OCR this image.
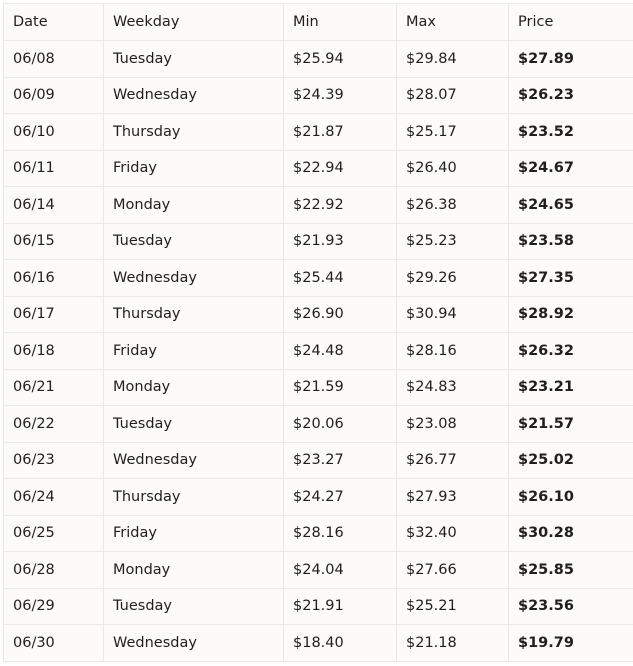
Date	Weekday	Min	Max	Price
06/08	Tuesday	$25.94	$29.84	$27.89
06/09	Wednesday	$24.39	$28.07	$26.23
06/10	Thursday	$21.87	$25.17	$23.52
06/11	Friday	$22.94	$26.40	$24.67
06/14	Monday	$22.92	$26.38	$24.65
06/15	Tuesday	$21.93	$25.23	$23.58
06/16	Wednesday	$25.44	$29.26	$27.35
06/17	Thursday	$26.90	$30.94	$28.92
06/18	Friday	$24.48	$28.16	$26.32
06/21	Monday	$21.59	$24.83	$23.21
06/22	Tuesday	$20.06	$23.08	$21.57
06/23	Wednesday	$23.27	$26.77	$25.02
06/24	Thursday	$24.27	$27.93	$26.10
06/25	Friday	$28.16	$32.40	$30.28
06/28	Monday	$24.04	$27.66	$25.85
06/29	Tuesday	$21.91	$25.21	$23.56
06/30	Wednesday	$18.40	$21.18	$19.79
